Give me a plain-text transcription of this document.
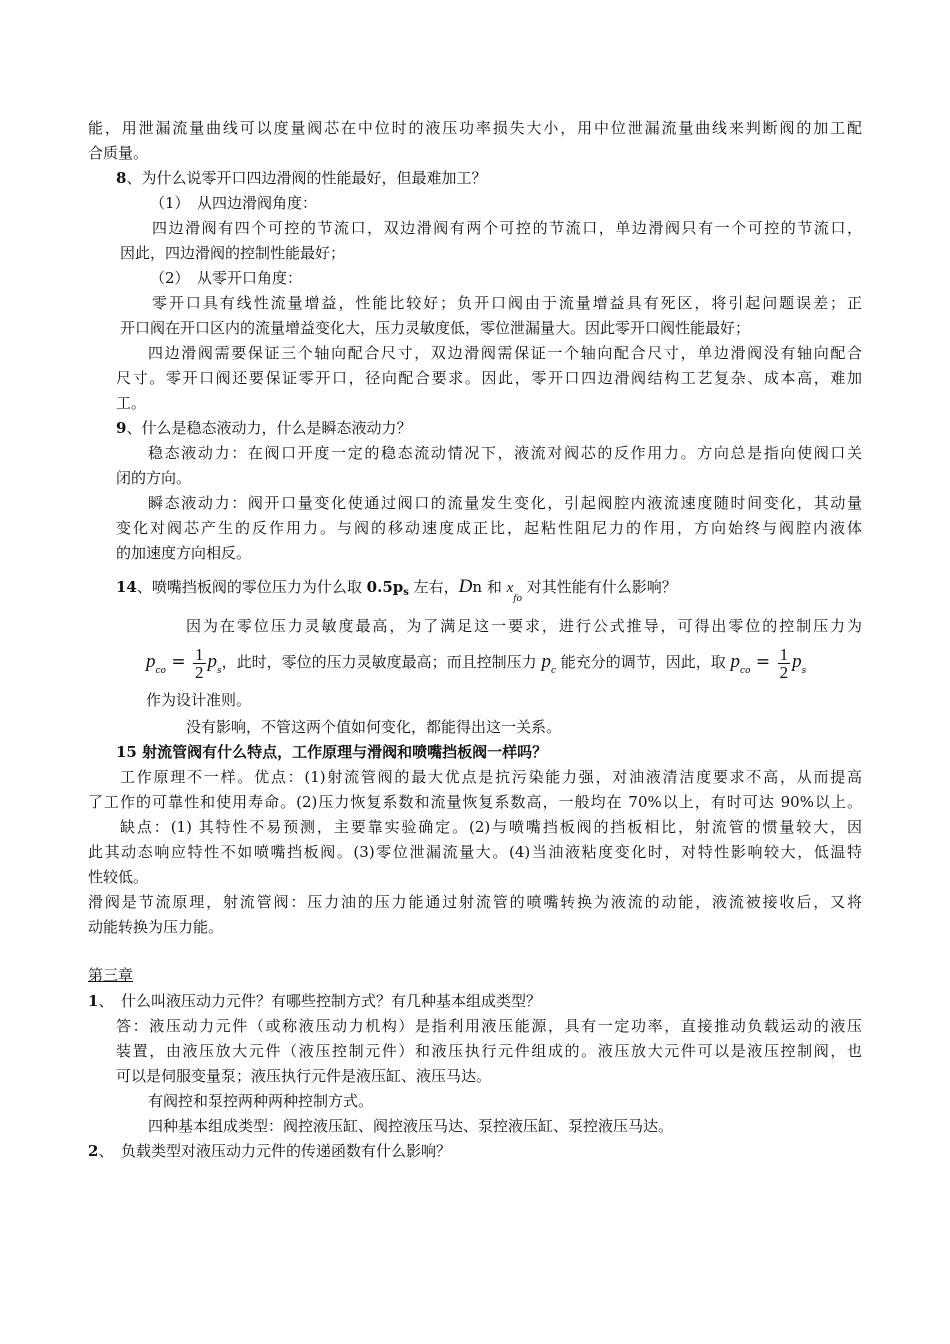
能，用泄漏流量曲线可以度量阀芯在中位时的液压功率损失大小，用中位泄漏流量曲线来判断阀的加工配
合质量。
8、为什么说零开口四边滑阀的性能最好，但最难加工？
（1）　从四边滑阀角度：
四边滑阀有四个可控的节流口，双边滑阀有两个可控的节流口，单边滑阀只有一个可控的节流口，
因此，四边滑阀的控制性能最好；
（2）　从零开口角度：
零开口具有线性流量增益，性能比较好；负开口阀由于流量增益具有死区，将引起问题误差；正
开口阀在开口区内的流量增益变化大，压力灵敏度低，零位泄漏量大。因此零开口阀性能最好；
四边滑阀需要保证三个轴向配合尺寸，双边滑阀需保证一个轴向配合尺寸，单边滑阀没有轴向配合
尺寸。零开口阀还要保证零开口，径向配合要求。因此，零开口四边滑阀结构工艺复杂、成本高，难加
工。
9、什么是稳态液动力，什么是瞬态液动力？
稳态液动力：在阀口开度一定的稳态流动情况下，液流对阀芯的反作用力。方向总是指向使阀口关
闭的方向。
瞬态液动力：阀开口量变化使通过阀口的流量发生变化，引起阀腔内液流速度随时间变化，其动量
变化对阀芯产生的反作用力。与阀的移动速度成正比，起粘性阻尼力的作用，方向始终与阀腔内液体
的加速度方向相反。
14、喷嘴挡板阀的零位压力为什么取 $0.5p_s$ 左右，Dn 和 $x_{fo}$ 对其性能有什么影响？
因为在零位压力灵敏度最高，为了满足这一要求，进行公式推导，可得出零位的控制压力为
$p_{co} = \frac{1}{2} p_s$，此时，零位的压力灵敏度最高；而且控制压力 $p_c$ 能充分的调节，因此，取 $p_{co} = \frac{1}{2} p_s$
作为设计准则。
没有影响，不管这两个值如何变化，都能得出这一关系。
15 射流管阀有什么特点，工作原理与滑阀和喷嘴挡板阀一样吗？
工作原理不一样。优点：(1)射流管阀的最大优点是抗污染能力强，对油液清洁度要求不高，从而提高
了工作的可靠性和使用寿命。(2)压力恢复系数和流量恢复系数高，一般均在 70%以上，有时可达 90%以上。
缺点：(1) 其特性不易预测，主要靠实验确定。(2)与喷嘴挡板阀的挡板相比，射流管的惯量较大，因
此其动态响应特性不如喷嘴挡板阀。(3)零位泄漏流量大。(4)当油液粘度变化时，对特性影响较大，低温特
性较低。
滑阀是节流原理，射流管阀：压力油的压力能通过射流管的喷嘴转换为液流的动能，液流被接收后，又将
动能转换为压力能。
第三章
1、　什么叫液压动力元件？有哪些控制方式？有几种基本组成类型？
答：液压动力元件（或称液压动力机构）是指利用液压能源，具有一定功率，直接推动负载运动的液压
装置，由液压放大元件（液压控制元件）和液压执行元件组成的。液压放大元件可以是液压控制阀，也
可以是伺服变量泵；液压执行元件是液压缸、液压马达。
有阀控和泵控两种两种控制方式。
四种基本组成类型：阀控液压缸、阀控液压马达、泵控液压缸、泵控液压马达。
2、　负载类型对液压动力元件的传递函数有什么影响？
